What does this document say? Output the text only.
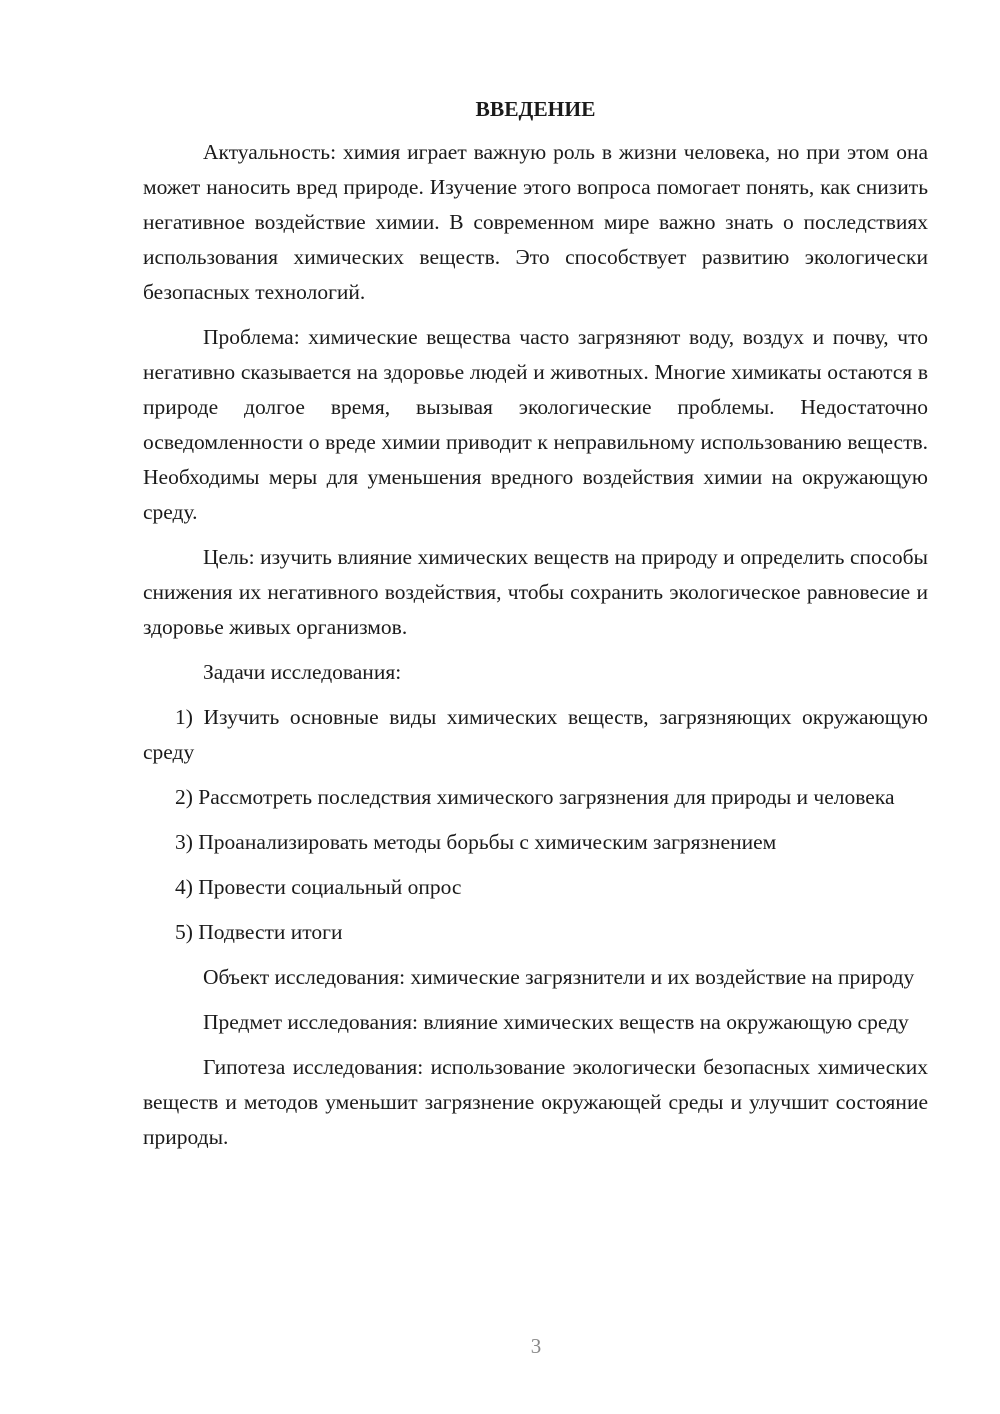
ВВЕДЕНИЕ

Актуальность: химия играет важную роль в жизни человека, но при этом она может наносить вред природе. Изучение этого вопроса помогает понять, как снизить негативное воздействие химии. В современном мире важно знать о последствиях использования химических веществ. Это способствует развитию экологически безопасных технологий.

Проблема: химические вещества часто загрязняют воду, воздух и почву, что негативно сказывается на здоровье людей и животных. Многие химикаты остаются в природе долгое время, вызывая экологические проблемы. Недостаточно осведомленности о вреде химии приводит к неправильному использованию веществ. Необходимы меры для уменьшения вредного воздействия химии на окружающую среду.

Цель: изучить влияние химических веществ на природу и определить способы снижения их негативного воздействия, чтобы сохранить экологическое равновесие и здоровье живых организмов.

Задачи исследования:

1) Изучить основные виды химических веществ, загрязняющих окружающую среду

2) Рассмотреть последствия химического загрязнения для природы и человека

3) Проанализировать методы борьбы с химическим загрязнением

4) Провести социальный опрос

5) Подвести итоги

Объект исследования: химические загрязнители и их воздействие на природу

Предмет исследования: влияние химических веществ на окружающую среду

Гипотеза исследования: использование экологически безопасных химических веществ и методов уменьшит загрязнение окружающей среды и улучшит состояние природы.

3
